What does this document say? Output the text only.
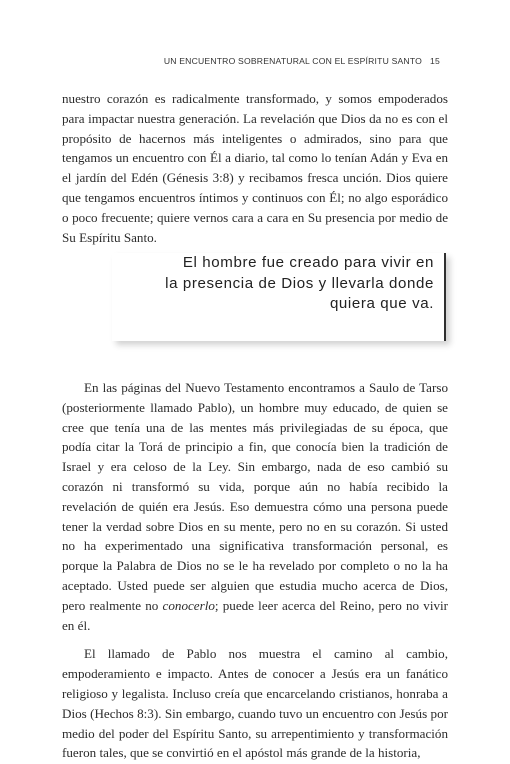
UN ENCUENTRO SOBRENATURAL CON EL ESPÍRITU SANTO 15

nuestro corazón es radicalmente transformado, y somos empoderados para impactar nuestra generación. La revelación que Dios da no es con el propósito de hacernos más inteligentes o admirados, sino para que tengamos un encuentro con Él a diario, tal como lo tenían Adán y Eva en el jardín del Edén (Génesis 3:8) y recibamos fresca unción. Dios quiere que tengamos encuentros íntimos y continuos con Él; no algo esporádico o poco frecuente; quiere vernos cara a cara en Su presencia por medio de Su Espíritu Santo.

El hombre fue creado para vivir en
la presencia de Dios y llevarla donde
quiera que va.

En las páginas del Nuevo Testamento encontramos a Saulo de Tarso (posteriormente llamado Pablo), un hombre muy educado, de quien se cree que tenía una de las mentes más privilegiadas de su época, que podía citar la Torá de principio a fin, que conocía bien la tradición de Israel y era celoso de la Ley. Sin embargo, nada de eso cambió su corazón ni transformó su vida, porque aún no había recibido la revelación de quién era Jesús. Eso demuestra cómo una persona puede tener la verdad sobre Dios en su mente, pero no en su corazón. Si usted no ha experimentado una significativa transformación personal, es porque la Palabra de Dios no se le ha revelado por completo o no la ha aceptado. Usted puede ser alguien que estudia mucho acerca de Dios, pero realmente no conocerlo; puede leer acerca del Reino, pero no vivir en él.

El llamado de Pablo nos muestra el camino al cambio, empoderamiento e impacto. Antes de conocer a Jesús era un fanático religioso y legalista. Incluso creía que encarcelando cristianos, honraba a Dios (Hechos 8:3). Sin embargo, cuando tuvo un encuentro con Jesús por medio del poder del Espíritu Santo, su arrepentimiento y transformación fueron tales, que se convirtió en el apóstol más grande de la historia,
